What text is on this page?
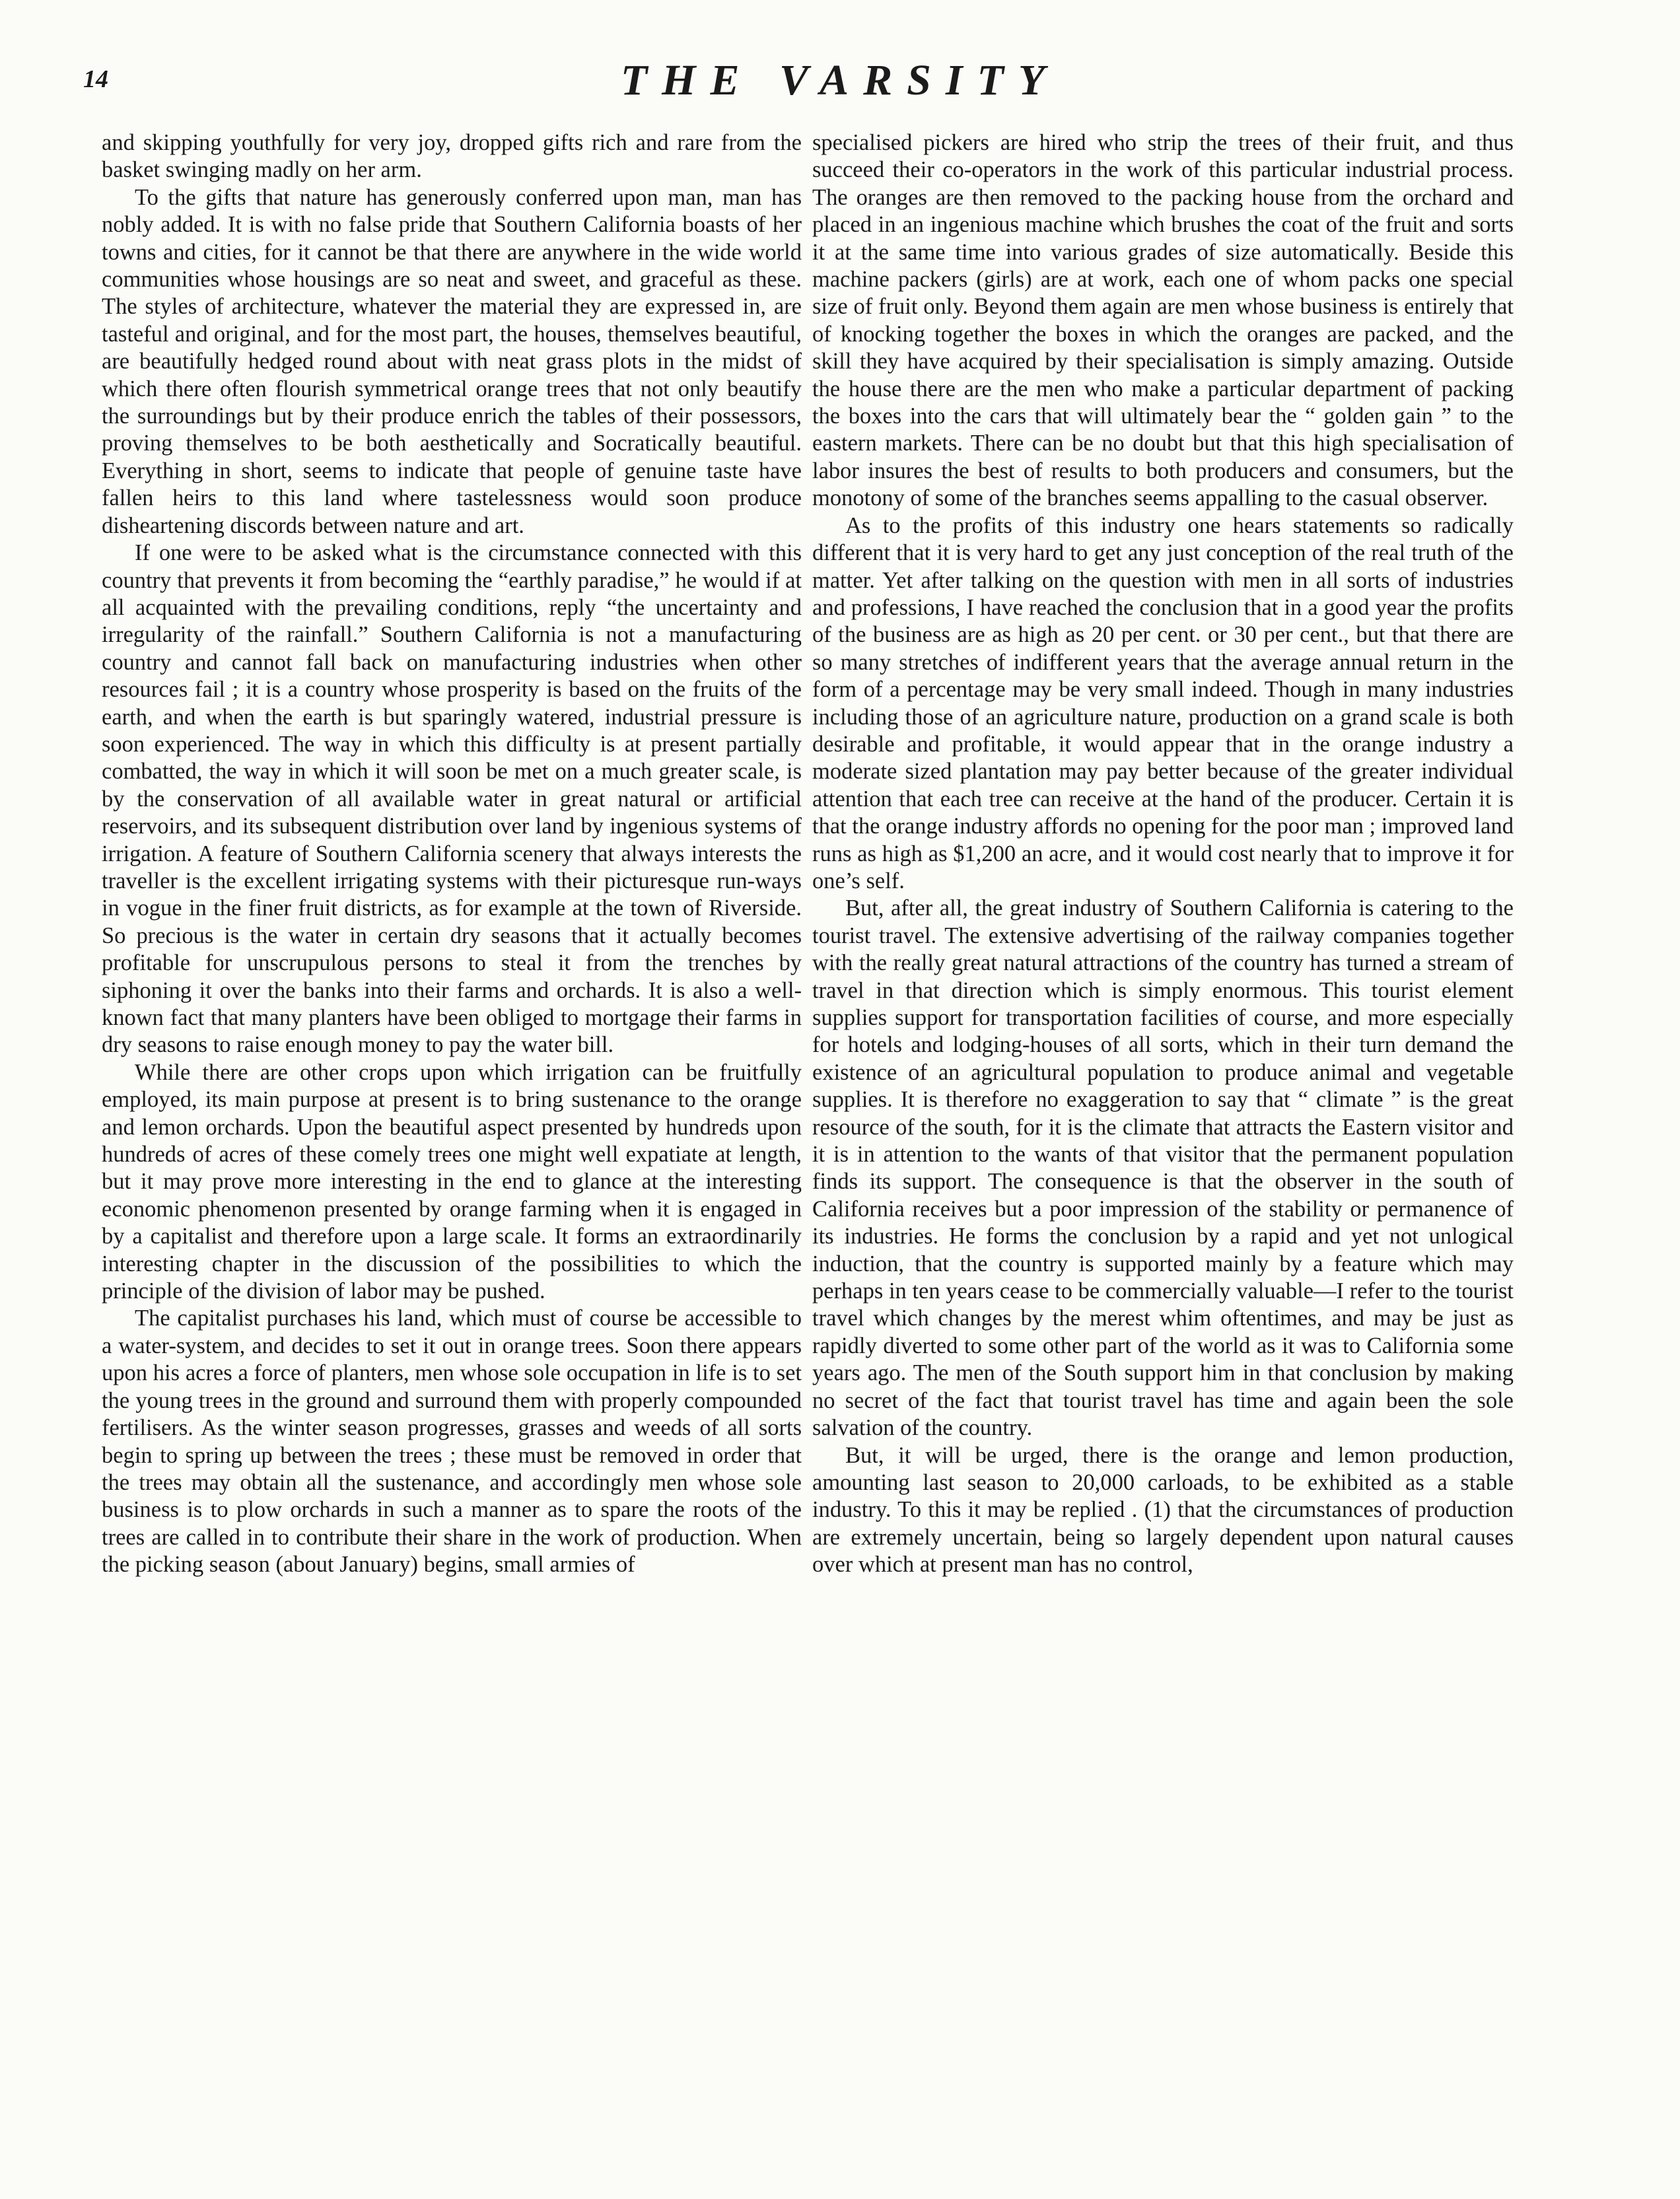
14	THE VARSITY

and skipping youthfully for very joy, dropped gifts rich and rare from the basket swinging madly on her arm.

To the gifts that nature has generously conferred upon man, man has nobly added. It is with no false pride that Southern California boasts of her towns and cities, for it cannot be that there are anywhere in the wide world communities whose housings are so neat and sweet, and graceful as these. The styles of architecture, whatever the material they are expressed in, are tasteful and original, and for the most part, the houses, themselves beautiful, are beautifully hedged round about with neat grass plots in the midst of which there often flourish symmetrical orange trees that not only beautify the surroundings but by their produce enrich the tables of their possessors, proving themselves to be both aesthetically and Socratically beautiful. Everything in short, seems to indicate that people of genuine taste have fallen heirs to this land where tastelessness would soon produce disheartening discords between nature and art.

If one were to be asked what is the circumstance connected with this country that prevents it from becoming the “earthly paradise,” he would if at all acquainted with the prevailing conditions, reply “the uncertainty and irregularity of the rainfall.” Southern California is not a manufacturing country and cannot fall back on manufacturing industries when other resources fail ; it is a country whose prosperity is based on the fruits of the earth, and when the earth is but sparingly watered, industrial pressure is soon experienced. The way in which this difficulty is at present partially combatted, the way in which it will soon be met on a much greater scale, is by the conservation of all available water in great natural or artificial reservoirs, and its subsequent distribution over land by ingenious systems of irrigation. A feature of Southern California scenery that always interests the traveller is the excellent irrigating systems with their picturesque run-ways in vogue in the finer fruit districts, as for example at the town of Riverside. So precious is the water in certain dry seasons that it actually becomes profitable for unscrupulous persons to steal it from the trenches by siphoning it over the banks into their farms and orchards. It is also a well-known fact that many planters have been obliged to mortgage their farms in dry seasons to raise enough money to pay the water bill.

While there are other crops upon which irrigation can be fruitfully employed, its main purpose at present is to bring sustenance to the orange and lemon orchards. Upon the beautiful aspect presented by hundreds upon hundreds of acres of these comely trees one might well expatiate at length, but it may prove more interesting in the end to glance at the interesting economic phenomenon presented by orange farming when it is engaged in by a capitalist and therefore upon a large scale. It forms an extraordinarily interesting chapter in the discussion of the possibilities to which the principle of the division of labor may be pushed.

The capitalist purchases his land, which must of course be accessible to a water-system, and decides to set it out in orange trees. Soon there appears upon his acres a force of planters, men whose sole occupation in life is to set the young trees in the ground and surround them with properly compounded fertilisers. As the winter season progresses, grasses and weeds of all sorts begin to spring up between the trees ; these must be removed in order that the trees may obtain all the sustenance, and accordingly men whose sole business is to plow orchards in such a manner as to spare the roots of the trees are called in to contribute their share in the work of production. When the picking season (about January) begins, small armies of

specialised pickers are hired who strip the trees of their fruit, and thus succeed their co-operators in the work of this particular industrial process. The oranges are then removed to the packing house from the orchard and placed in an ingenious machine which brushes the coat of the fruit and sorts it at the same time into various grades of size automatically. Beside this machine packers (girls) are at work, each one of whom packs one special size of fruit only. Beyond them again are men whose business is entirely that of knocking together the boxes in which the oranges are packed, and the skill they have acquired by their specialisation is simply amazing. Outside the house there are the men who make a particular department of packing the boxes into the cars that will ultimately bear the “ golden gain ” to the eastern markets. There can be no doubt but that this high specialisation of labor insures the best of results to both producers and consumers, but the monotony of some of the branches seems appalling to the casual observer.

As to the profits of this industry one hears statements so radically different that it is very hard to get any just conception of the real truth of the matter. Yet after talking on the question with men in all sorts of industries and professions, I have reached the conclusion that in a good year the profits of the business are as high as 20 per cent. or 30 per cent., but that there are so many stretches of indifferent years that the average annual return in the form of a percentage may be very small indeed. Though in many industries including those of an agriculture nature, production on a grand scale is both desirable and profitable, it would appear that in the orange industry a moderate sized plantation may pay better because of the greater individual attention that each tree can receive at the hand of the producer. Certain it is that the orange industry affords no opening for the poor man ; improved land runs as high as $1,200 an acre, and it would cost nearly that to improve it for one’s self.

But, after all, the great industry of Southern California is catering to the tourist travel. The extensive advertising of the railway companies together with the really great natural attractions of the country has turned a stream of travel in that direction which is simply enormous. This tourist element supplies support for transportation facilities of course, and more especially for hotels and lodging-houses of all sorts, which in their turn demand the existence of an agricultural population to produce animal and vegetable supplies. It is therefore no exaggeration to say that “ climate ” is the great resource of the south, for it is the climate that attracts the Eastern visitor and it is in attention to the wants of that visitor that the permanent population finds its support. The consequence is that the observer in the south of California receives but a poor impression of the stability or permanence of its industries. He forms the conclusion by a rapid and yet not unlogical induction, that the country is supported mainly by a feature which may perhaps in ten years cease to be commercially valuable—I refer to the tourist travel which changes by the merest whim oftentimes, and may be just as rapidly diverted to some other part of the world as it was to California some years ago. The men of the South support him in that conclusion by making no secret of the fact that tourist travel has time and again been the sole salvation of the country.

But, it will be urged, there is the orange and lemon production, amounting last season to 20,000 carloads, to be exhibited as a stable industry. To this it may be replied . (1) that the circumstances of production are extremely uncertain, being so largely dependent upon natural causes over which at present man has no control,
